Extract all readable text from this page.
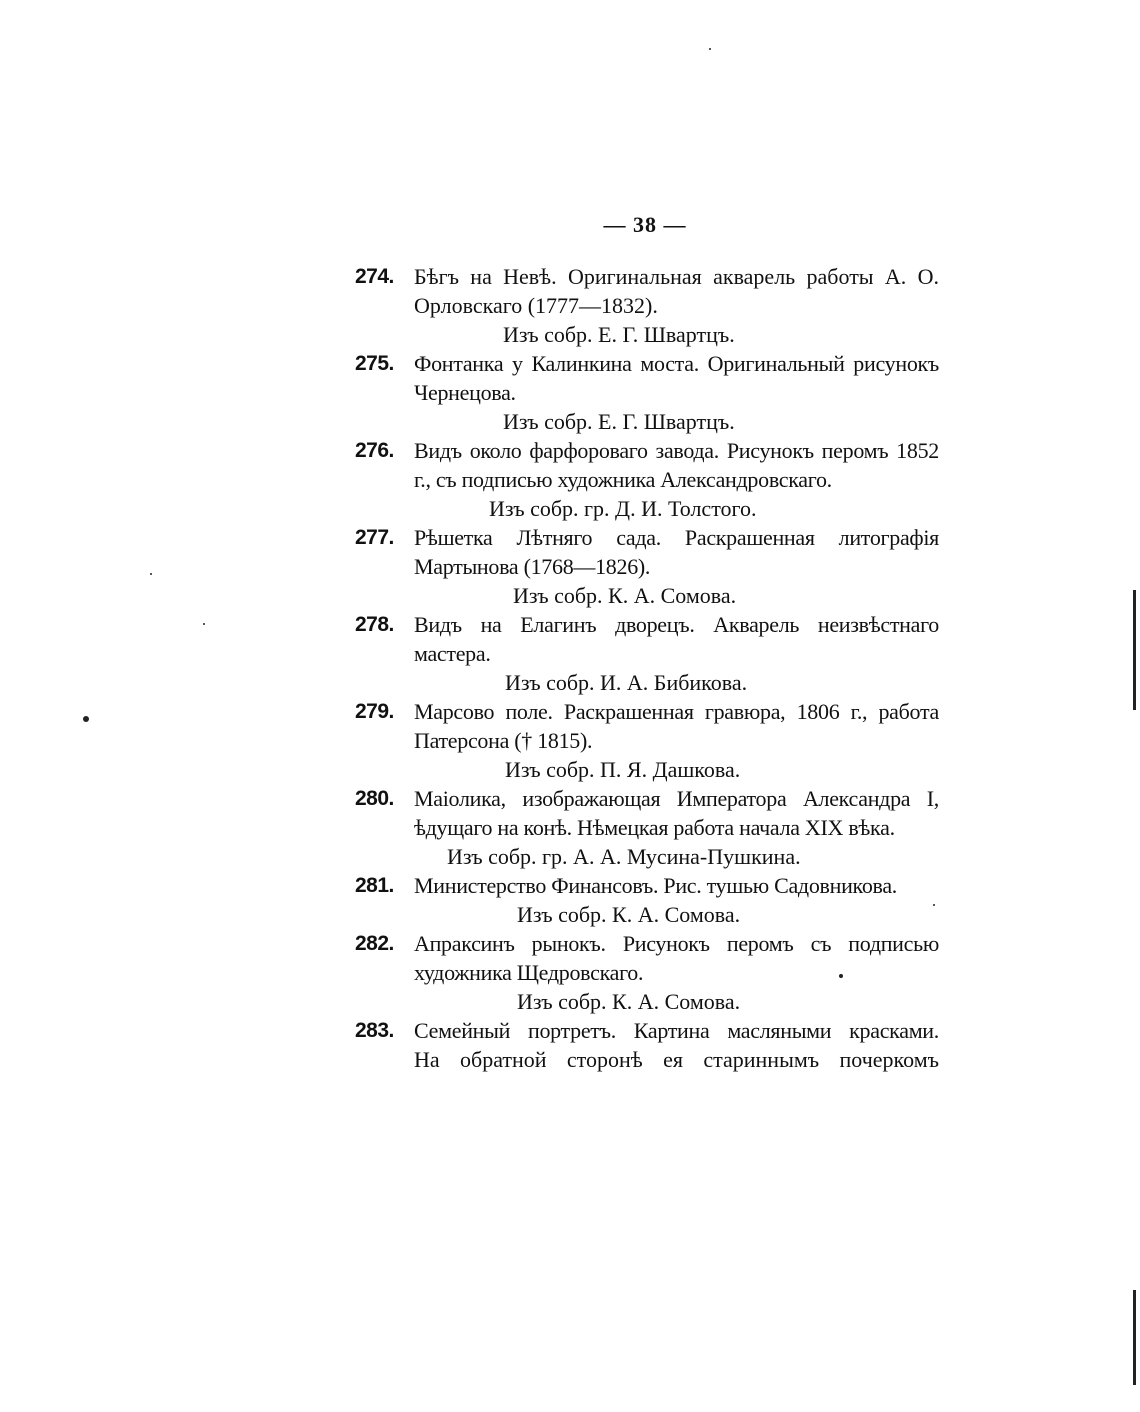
— 38 —
274. Бѣгъ на Невѣ. Оригинальная акварель работы А. О. Орловскаго (1777—1832).
Изъ собр. Е. Г. Швартцъ.
275. Фонтанка у Калинкина моста. Оригинальный рисунокъ Чернецова.
Изъ собр. Е. Г. Швартцъ.
276. Видъ около фарфороваго завода. Рисунокъ перомъ 1852 г., съ подписью художника Александровскаго.
Изъ собр. гр. Д. И. Толстого.
277. Рѣшетка Лѣтняго сада. Раскрашенная литографія Мартынова (1768—1826).
Изъ собр. К. А. Сомова.
278. Видъ на Елагинъ дворецъ. Акварель неизвѣстнаго мастера.
Изъ собр. И. А. Бибикова.
279. Марсово поле. Раскрашенная гравюра, 1806 г., работа Патерсона († 1815).
Изъ собр. П. Я. Дашкова.
280. Маіолика, изображающая Императора Александра I, ѣдущаго на конѣ. Нѣмецкая работа начала XIX вѣка.
Изъ собр. гр. А. А. Мусина-Пушкина.
281. Министерство Финансовъ. Рис. тушью Садовникова.
Изъ собр. К. А. Сомова.
282. Апраксинъ рынокъ. Рисунокъ перомъ съ подписью художника Щедровскаго.
Изъ собр. К. А. Сомова.
283. Семейный портретъ. Картина масляными красками.
На обратной сторонѣ ея стариннымъ почеркомъ
